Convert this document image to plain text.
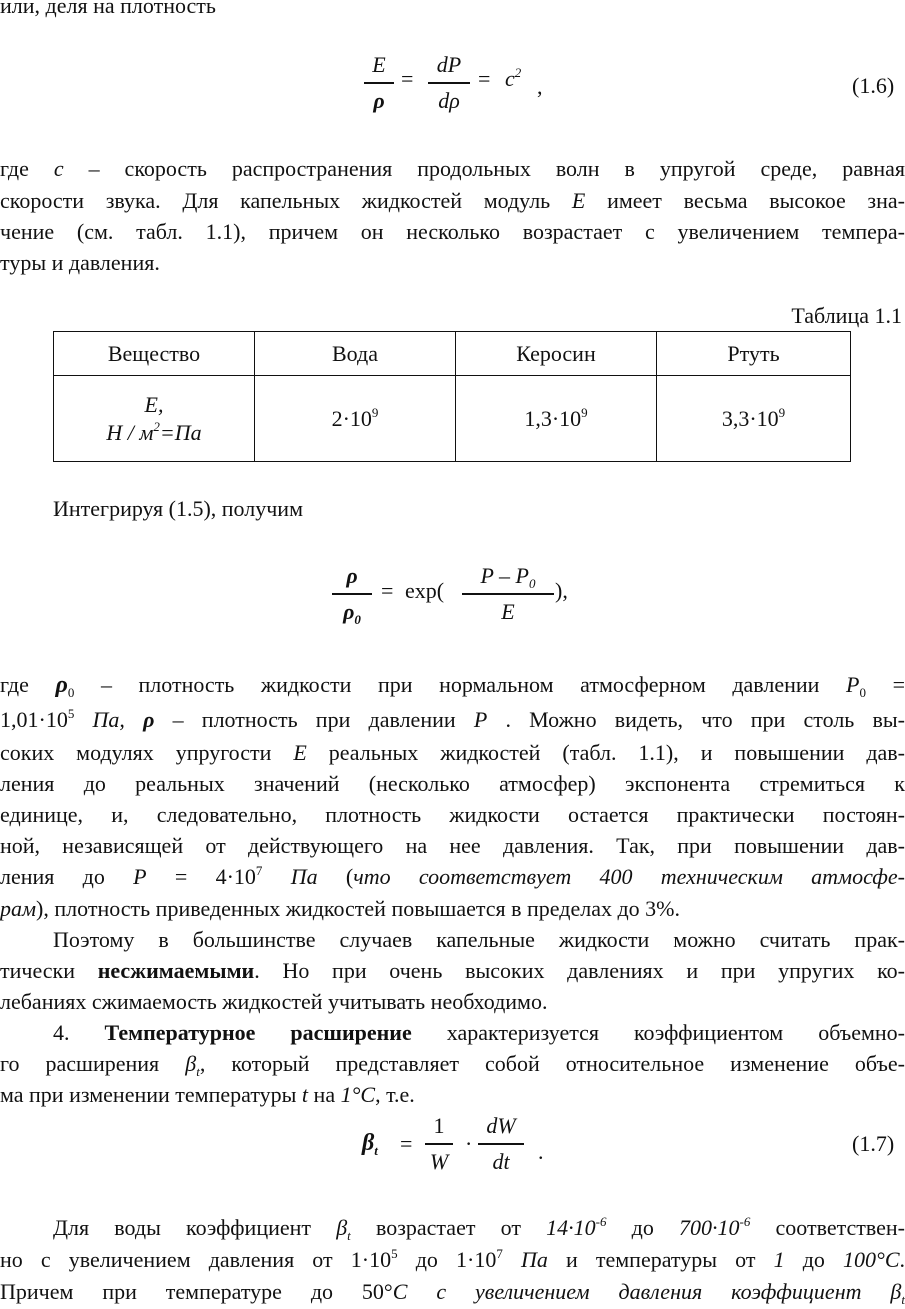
или, деля на плотность
E
ρ
=
dP
dρ
= $c^2$
,	(1.6)
где c – скорость распространения продольных волн в упругой среде, равная
скорости звука. Для капельных жидкостей модуль E имеет весьма высокое зна-
чение (см. табл. 1.1), причем он несколько возрастает с увеличением темпера-
туры и давления.
Таблица 1.1
Вещество	Вода	Керосин	Ртуть

E,
$Н / м^2=Па$	$2\cdot 10^9$	$1,3\cdot 10^9$	$3,3\cdot 10^9$
Интегрируя (1.5), получим
ρ
$\rho_0$
= exp(
P – $P_0$
E
),
где $\rho_0$ – плотность жидкости при нормальном атмосферном давлении $P_0$ =
$1,01\cdot 10^5$ Па, ρ – плотность при давлении P . Можно видеть, что при столь вы-
соких модулях упругости E реальных жидкостей (табл. 1.1), и повышении дав-
ления до реальных значений (несколько атмосфер) экспонента стремиться к
единице, и, следовательно, плотность жидкости остается практически постоян-
ной, независящей от действующего на нее давления. Так, при повышении дав-
ления до $P = 4\cdot 10^7$ Па (что соответствует 400 техническим атмосфе-
рам), плотность приведенных жидкостей повышается в пределах до 3%.
Поэтому в большинстве случаев капельные жидкости можно считать прак-
тически несжимаемыми. Но при очень высоких давлениях и при упругих ко-
лебаниях сжимаемость жидкостей учитывать необходимо.
4. Температурное расширение характеризуется коэффициентом объемно-
го расширения $\beta_t$, который представляет собой относительное изменение объе-
ма при изменении температуры t на 1°С, т.е.
$\beta_t$ =
1
W
·
dW
dt	.	(1.7)
Для воды коэффициент $\beta_t$ возрастает от $14\cdot 10^{-6}$ до $700\cdot 10^{-6}$ соответствен-
но с увеличением давления от $1\cdot 10^5$ до $1\cdot 10^7$ Па и температуры от 1 до 100°С.
Причем при температуре до 50°С с увеличением давления коэффициент $\beta_t$
